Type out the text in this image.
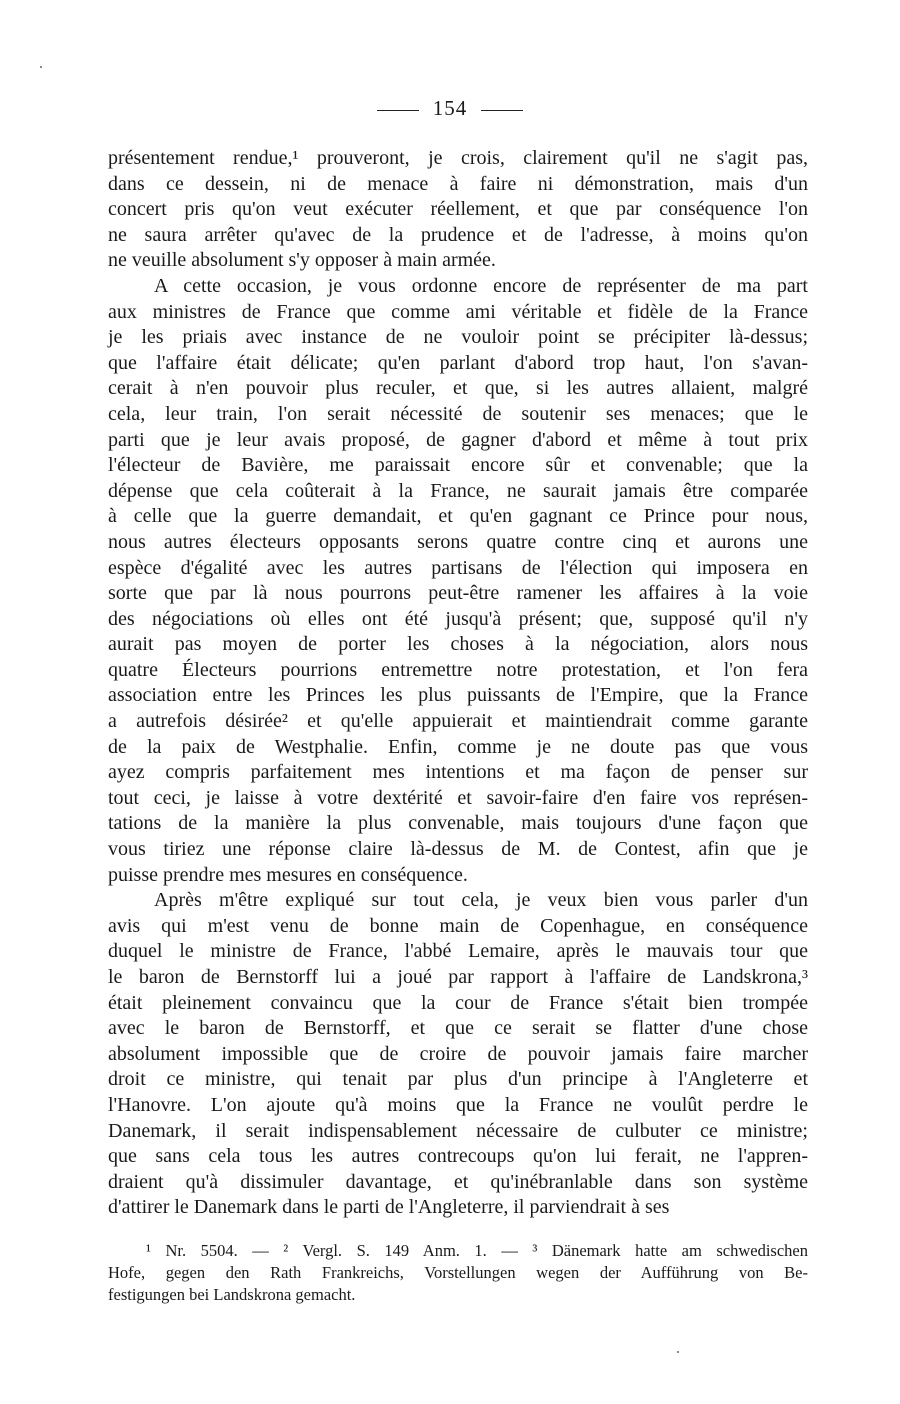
154
présentement rendue,¹ prouveront, je crois, clairement qu'il ne s'agit pas,
dans ce dessein, ni de menace à faire ni démonstration, mais d'un
concert pris qu'on veut exécuter réellement, et que par conséquence l'on
ne saura arrêter qu'avec de la prudence et de l'adresse, à moins qu'on
ne veuille absolument s'y opposer à main armée.
A cette occasion, je vous ordonne encore de représenter de ma part
aux ministres de France que comme ami véritable et fidèle de la France
je les priais avec instance de ne vouloir point se précipiter là-dessus;
que l'affaire était délicate; qu'en parlant d'abord trop haut, l'on s'avan-
cerait à n'en pouvoir plus reculer, et que, si les autres allaient, malgré
cela, leur train, l'on serait nécessité de soutenir ses menaces; que le
parti que je leur avais proposé, de gagner d'abord et même à tout prix
l'électeur de Bavière, me paraissait encore sûr et convenable; que la
dépense que cela coûterait à la France, ne saurait jamais être comparée
à celle que la guerre demandait, et qu'en gagnant ce Prince pour nous,
nous autres électeurs opposants serons quatre contre cinq et aurons une
espèce d'égalité avec les autres partisans de l'élection qui imposera en
sorte que par là nous pourrons peut-être ramener les affaires à la voie
des négociations où elles ont été jusqu'à présent; que, supposé qu'il n'y
aurait pas moyen de porter les choses à la négociation, alors nous
quatre Électeurs pourrions entremettre notre protestation, et l'on fera
association entre les Princes les plus puissants de l'Empire, que la France
a autrefois désirée² et qu'elle appuierait et maintiendrait comme garante
de la paix de Westphalie. Enfin, comme je ne doute pas que vous
ayez compris parfaitement mes intentions et ma façon de penser sur
tout ceci, je laisse à votre dextérité et savoir-faire d'en faire vos représen-
tations de la manière la plus convenable, mais toujours d'une façon que
vous tiriez une réponse claire là-dessus de M. de Contest, afin que je
puisse prendre mes mesures en conséquence.
Après m'être expliqué sur tout cela, je veux bien vous parler d'un
avis qui m'est venu de bonne main de Copenhague, en conséquence
duquel le ministre de France, l'abbé Lemaire, après le mauvais tour que
le baron de Bernstorff lui a joué par rapport à l'affaire de Landskrona,³
était pleinement convaincu que la cour de France s'était bien trompée
avec le baron de Bernstorff, et que ce serait se flatter d'une chose
absolument impossible que de croire de pouvoir jamais faire marcher
droit ce ministre, qui tenait par plus d'un principe à l'Angleterre et
l'Hanovre. L'on ajoute qu'à moins que la France ne voulût perdre le
Danemark, il serait indispensablement nécessaire de culbuter ce ministre;
que sans cela tous les autres contrecoups qu'on lui ferait, ne l'appren-
draient qu'à dissimuler davantage, et qu'inébranlable dans son système
d'attirer le Danemark dans le parti de l'Angleterre, il parviendrait à ses
¹ Nr. 5504. — ² Vergl. S. 149 Anm. 1. — ³ Dänemark hatte am schwedischen
Hofe, gegen den Rath Frankreichs, Vorstellungen wegen der Aufführung von Be-
festigungen bei Landskrona gemacht.
